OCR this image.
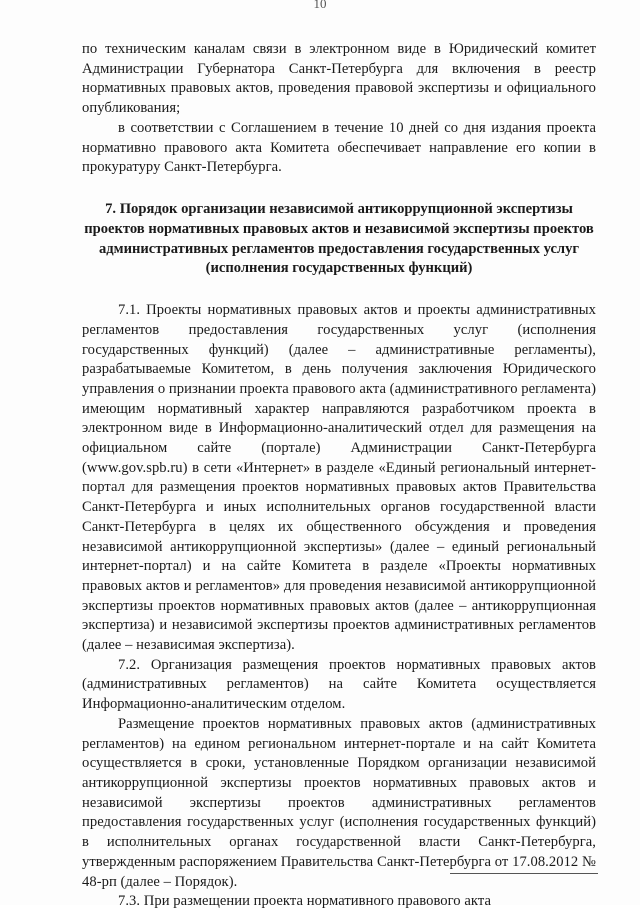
10

по техническим каналам связи в электронном виде в Юридический комитет Администрации Губернатора Санкт-Петербурга для включения в реестр нормативных правовых актов, проведения правовой экспертизы и официального опубликования;

в соответствии с Соглашением в течение 10 дней со дня издания проекта нормативно правового акта Комитета обеспечивает направление его копии в прокуратуру Санкт-Петербурга.

7. Порядок организации независимой антикоррупционной экспертизы проектов нормативных правовых актов и независимой экспертизы проектов административных регламентов предоставления государственных услуг (исполнения государственных функций)

7.1. Проекты нормативных правовых актов и проекты административных регламентов предоставления государственных услуг (исполнения государственных функций) (далее – административные регламенты), разрабатываемые Комитетом, в день получения заключения Юридического управления о признании проекта правового акта (административного регламента) имеющим нормативный характер направляются разработчиком проекта в электронном виде в Информационно-аналитический отдел для размещения на официальном сайте (портале) Администрации Санкт-Петербурга (www.gov.spb.ru) в сети «Интернет» в разделе «Единый региональный интернет-портал для размещения проектов нормативных правовых актов Правительства Санкт-Петербурга и иных исполнительных органов государственной власти Санкт-Петербурга в целях их общественного обсуждения и проведения независимой антикоррупционной экспертизы» (далее – единый региональный интернет-портал) и на сайте Комитета в разделе «Проекты нормативных правовых актов и регламентов» для проведения независимой антикоррупционной экспертизы проектов нормативных правовых актов (далее – антикоррупционная экспертиза) и независимой экспертизы проектов административных регламентов (далее – независимая экспертиза).

7.2. Организация размещения проектов нормативных правовых актов (административных регламентов) на сайте Комитета осуществляется Информационно-аналитическим отделом.

Размещение проектов нормативных правовых актов (административных регламентов) на едином региональном интернет-портале и на сайт Комитета осуществляется в сроки, установленные Порядком организации независимой антикоррупционной экспертизы проектов нормативных правовых актов и независимой экспертизы проектов административных регламентов предоставления государственных услуг (исполнения государственных функций) в исполнительных органах государственной власти Санкт-Петербурга, утвержденным распоряжением Правительства Санкт-Петербурга от 17.08.2012 № 48-рп (далее – Порядок).

7.3. При размещении проекта нормативного правового акта
